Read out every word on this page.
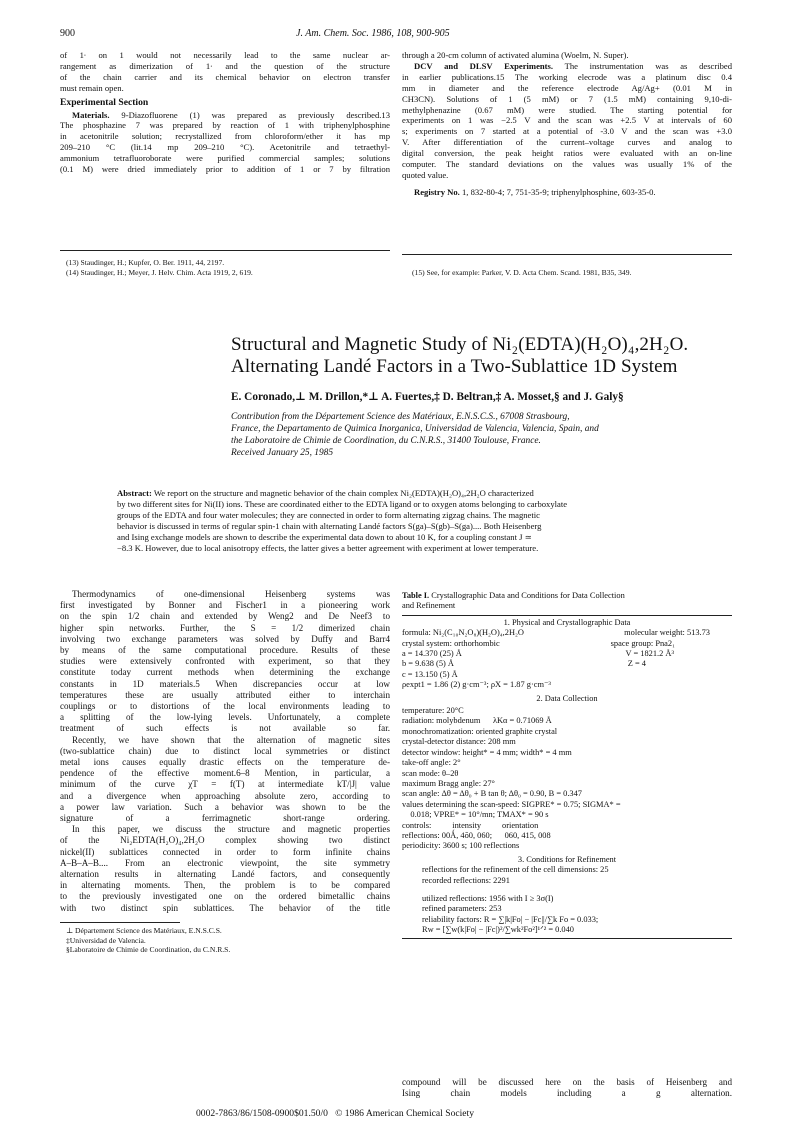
900	J. Am. Chem. Soc. 1986, 108, 900-905
of 1∙ on 1 would not necessarily lead to the same nuclear ar-
rangement as dimerization of 1∙ and the question of the structure
of the chain carrier and its chemical behavior on electron transfer
must remain open.
Experimental Section
Materials. 9-Diazofluorene (1) was prepared as previously described.13
The phosphazine 7 was prepared by reaction of 1 with triphenylphosphine
in acetonitrile solution; recrystallized from chloroform/ether it has mp
209–210 °C (lit.14 mp 209–210 °C). Acetonitrile and tetraethyl-
ammonium tetrafluoroborate were purified commercial samples; solutions
(0.1 M) were dried immediately prior to addition of 1 or 7 by filtration
through a 20-cm column of activated alumina (Woelm, N. Super).
DCV and DLSV Experiments. The instrumentation was as described
in earlier publications.15 The working elecrode was a platinum disc 0.4
mm in diameter and the reference electrode Ag/Ag+ (0.01 M in
CH3CN). Solutions of 1 (5 mM) or 7 (1.5 mM) containing 9,10-di-
methylphenazine (0.67 mM) were studied. The starting potential for
experiments on 1 was −2.5 V and the scan was +2.5 V at intervals of 60
s; experiments on 7 started at a potential of -3.0 V and the scan was +3.0
V. After differentiation of the current–voltage curves and analog to
digital conversion, the peak height ratios were evaluated with an on-line
computer. The standard deviations on the values was usually 1% of the
quoted value.
Registry No. 1, 832-80-4; 7, 751-35-9; triphenylphosphine, 603-35-0.
(13) Staudinger, H.; Kupfer, O. Ber. 1911, 44, 2197.
(14) Staudinger, H.; Meyer, J. Helv. Chim. Acta 1919, 2, 619.	(15) See, for example: Parker, V. D. Acta Chem. Scand. 1981, B35, 349.
Structural and Magnetic Study of Ni₂(EDTA)(H₂O)₄,2H₂O.
Alternating Landé Factors in a Two-Sublattice 1D System
E. Coronado,⊥ M. Drillon,*⊥ A. Fuertes,‡ D. Beltran,‡ A. Mosset,§ and J. Galy§
Contribution from the Département Science des Matériaux, E.N.S.C.S., 67008 Strasbourg,
France, the Departamento de Quimica Inorganica, Universidad de Valencia, Valencia, Spain, and
the Laboratoire de Chimie de Coordination, du C.N.R.S., 31400 Toulouse, France.
Received January 25, 1985
Abstract: We report on the structure and magnetic behavior of the chain complex Ni₂(EDTA)(H₂O)₄,2H₂O characterized
by two different sites for Ni(II) ions. These are coordinated either to the EDTA ligand or to oxygen atoms belonging to carboxylate
groups of the EDTA and four water molecules; they are connected in order to form alternating zigzag chains. The magnetic
behavior is discussed in terms of regular spin-1 chain with alternating Landé factors S(ga)–S(gb)–S(ga).... Both Heisenberg
and Ising exchange models are shown to describe the experimental data down to about 10 K, for a coupling constant J ≃
−8.3 K. However, due to local anisotropy effects, the latter gives a better agreement with experiment at lower temperature.
Thermodynamics of one-dimensional Heisenberg systems was
first investigated by Bonner and Fischer1 in a pioneering work
on the spin 1/2 chain and extended by Weng2 and De Neef3 to
higher spin networks. Further, the S = 1/2 dimerized chain
involving two exchange parameters was solved by Duffy and Barr4
by means of the same computational procedure. Results of these
studies were extensively confronted with experiment, so that they
constitute today current methods when determining the exchange
constants in 1D materials.5 When discrepancies occur at low
temperatures these are usually attributed either to interchain
couplings or to distortions of the local environments leading to
a splitting of the low-lying levels. Unfortunately, a complete
treatment of such effects is not available so far.
Recently, we have shown that the alternation of magnetic sites
(two-sublattice chain) due to distinct local symmetries or distinct
metal ions causes equally drastic effects on the temperature de-
pendence of the effective moment.6–8 Mention, in particular, a
minimum of the curve χT = f(T) at intermediate kT/|J| value
and a divergence when approaching absolute zero, according to
a power law variation. Such a behavior was shown to be the
signature of a ferrimagnetic short-range ordering.
In this paper, we discuss the structure and magnetic properties
of the Ni₂EDTA(H₂O)₄,2H₂O complex showing two distinct
nickel(II) sublattices connected in order to form infinite chains
A–B–A–B.... From an electronic viewpoint, the site symmetry
alternation results in alternating Landé factors, and consequently
in alternating moments. Then, the problem is to be compared
to the previously investigated one on the ordered bimetallic chains
with two distinct spin sublattices. The behavior of the title
⊥ Département Science des Matériaux, E.N.S.C.S.
‡Universidad de Valencia.
§Laboratoire de Chimie de Coordination, du C.N.R.S.
Table I. Crystallographic Data and Conditions for Data Collection
and Refinement
1. Physical and Crystallographic Data
formula: Ni₂(C₁₀N₂O₈)(H₂O)₄,2H₂O	molecular weight: 513.73
crystal system: orthorhombic	space group: Pna2₁
a = 14.370 (25) Å	V = 1821.2 Å³
b = 9.638 (5) Å	Z = 4
c = 13.150 (5) Å
ρexpt1 = 1.86 (2) g·cm⁻³; ρX = 1.87 g·cm⁻³
2. Data Collection
temperature: 20°C
radiation: molybdenum      λKα = 0.71069 Å
monochromatization: oriented graphite crystal
crystal-detector distance: 208 mm
detector window: height* = 4 mm; width* = 4 mm
take-off angle: 2°
scan mode: θ–2θ
maximum Bragg angle: 27°
scan angle: Δθ = Δθ₀ + B tan θ; Δθ₀ = 0.90, B = 0.347
values determining the scan-speed: SIGPRE* = 0.75; SIGMA* =
0.018; VPRE* = 10°/mn; TMAX* = 90 s
controls:          intensity          orientation
reflections: 00Ǻ, 4ō0, 060;      060, 415, 008
periodicity: 3600 s; 100 reflections
3. Conditions for Refinement
reflections for the refinement of the cell dimensions: 25
recorded reflections: 2291
utilized reflections: 1956 with I ≥ 3σ(I)
refined parameters: 253
reliability factors: R = ∑|k|Fo| − |Fc||/∑k Fo = 0.033;
Rw = [∑w(k|Fo| − |Fc|)²/∑wk²Fo²]¹ᐟ² = 0.040
compound will be discussed here on the basis of Heisenberg and
Ising chain models including a g alternation.
0002-7863/86/1508-0900$01.50/0   © 1986 American Chemical Society
